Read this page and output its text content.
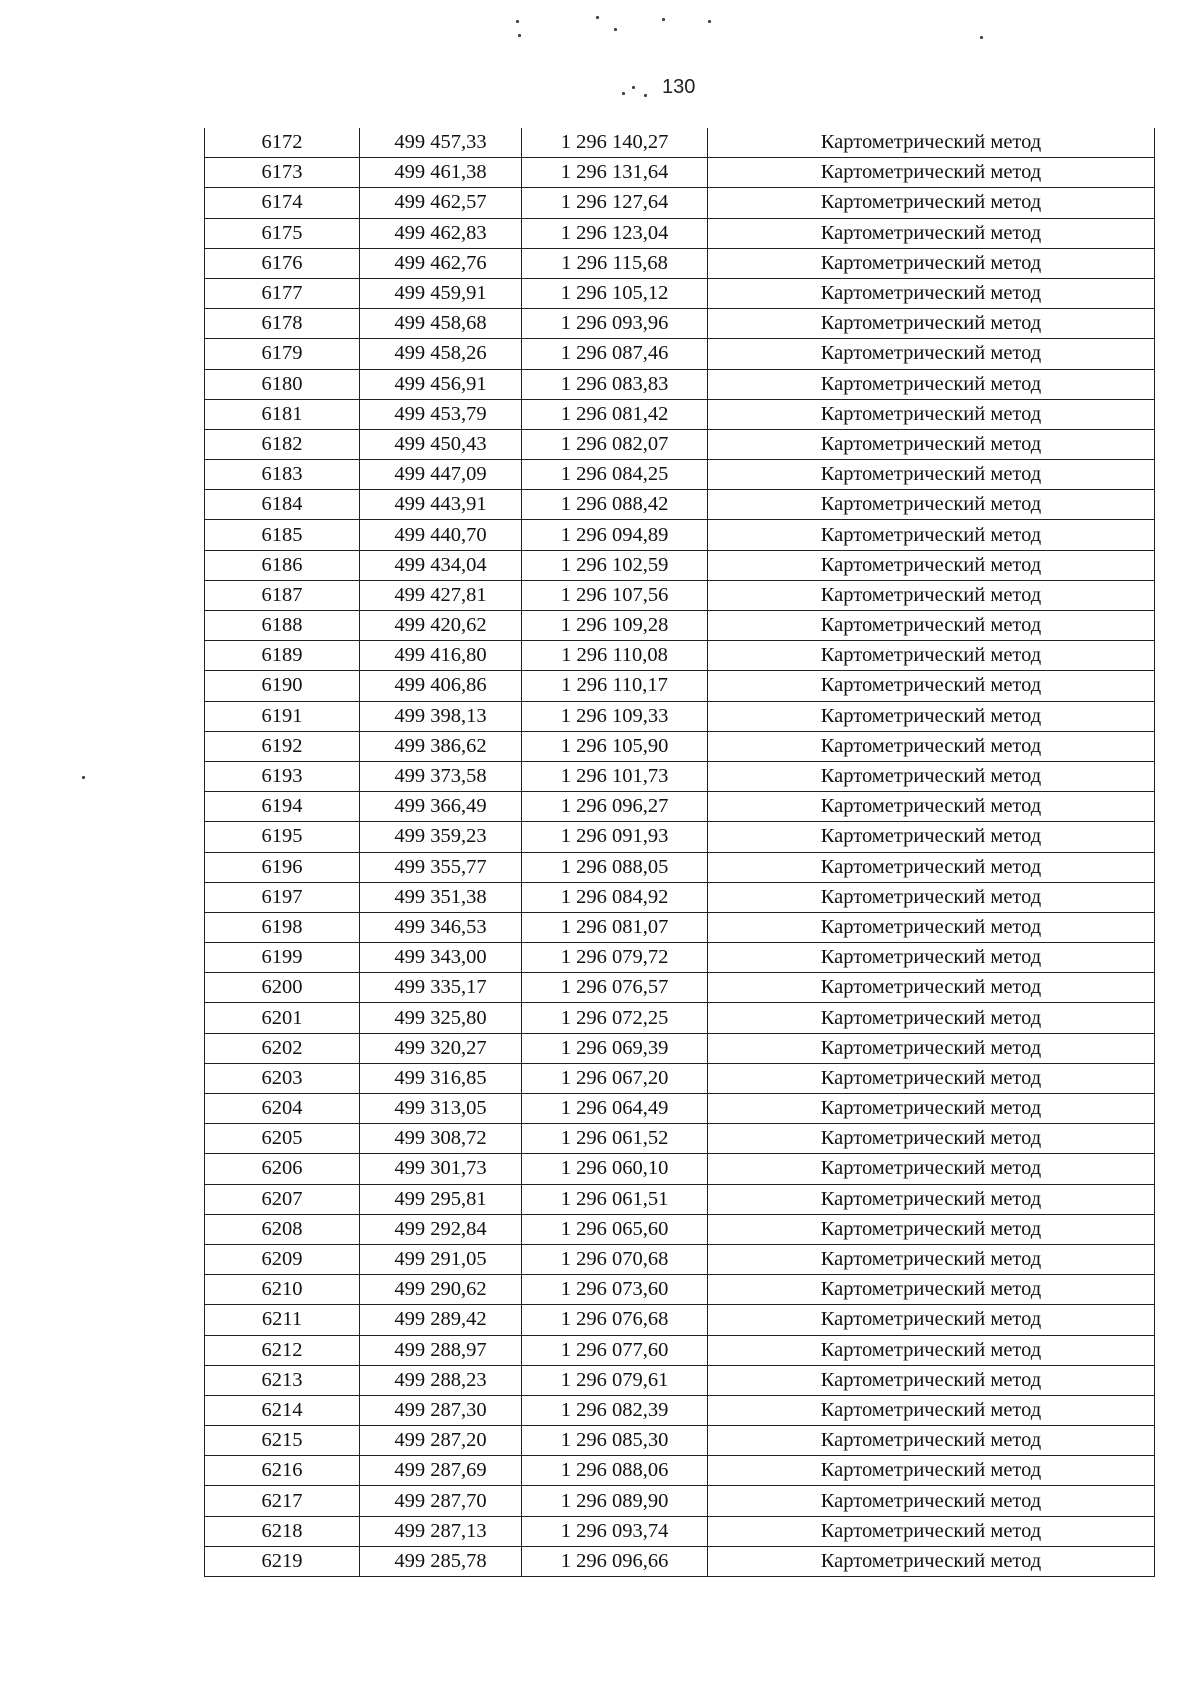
130
6172	499 457,33	1 296 140,27	Картометрический метод
6173	499 461,38	1 296 131,64	Картометрический метод
6174	499 462,57	1 296 127,64	Картометрический метод
6175	499 462,83	1 296 123,04	Картометрический метод
6176	499 462,76	1 296 115,68	Картометрический метод
6177	499 459,91	1 296 105,12	Картометрический метод
6178	499 458,68	1 296 093,96	Картометрический метод
6179	499 458,26	1 296 087,46	Картометрический метод
6180	499 456,91	1 296 083,83	Картометрический метод
6181	499 453,79	1 296 081,42	Картометрический метод
6182	499 450,43	1 296 082,07	Картометрический метод
6183	499 447,09	1 296 084,25	Картометрический метод
6184	499 443,91	1 296 088,42	Картометрический метод
6185	499 440,70	1 296 094,89	Картометрический метод
6186	499 434,04	1 296 102,59	Картометрический метод
6187	499 427,81	1 296 107,56	Картометрический метод
6188	499 420,62	1 296 109,28	Картометрический метод
6189	499 416,80	1 296 110,08	Картометрический метод
6190	499 406,86	1 296 110,17	Картометрический метод
6191	499 398,13	1 296 109,33	Картометрический метод
6192	499 386,62	1 296 105,90	Картометрический метод
6193	499 373,58	1 296 101,73	Картометрический метод
6194	499 366,49	1 296 096,27	Картометрический метод
6195	499 359,23	1 296 091,93	Картометрический метод
6196	499 355,77	1 296 088,05	Картометрический метод
6197	499 351,38	1 296 084,92	Картометрический метод
6198	499 346,53	1 296 081,07	Картометрический метод
6199	499 343,00	1 296 079,72	Картометрический метод
6200	499 335,17	1 296 076,57	Картометрический метод
6201	499 325,80	1 296 072,25	Картометрический метод
6202	499 320,27	1 296 069,39	Картометрический метод
6203	499 316,85	1 296 067,20	Картометрический метод
6204	499 313,05	1 296 064,49	Картометрический метод
6205	499 308,72	1 296 061,52	Картометрический метод
6206	499 301,73	1 296 060,10	Картометрический метод
6207	499 295,81	1 296 061,51	Картометрический метод
6208	499 292,84	1 296 065,60	Картометрический метод
6209	499 291,05	1 296 070,68	Картометрический метод
6210	499 290,62	1 296 073,60	Картометрический метод
6211	499 289,42	1 296 076,68	Картометрический метод
6212	499 288,97	1 296 077,60	Картометрический метод
6213	499 288,23	1 296 079,61	Картометрический метод
6214	499 287,30	1 296 082,39	Картометрический метод
6215	499 287,20	1 296 085,30	Картометрический метод
6216	499 287,69	1 296 088,06	Картометрический метод
6217	499 287,70	1 296 089,90	Картометрический метод
6218	499 287,13	1 296 093,74	Картометрический метод
6219	499 285,78	1 296 096,66	Картометрический метод
